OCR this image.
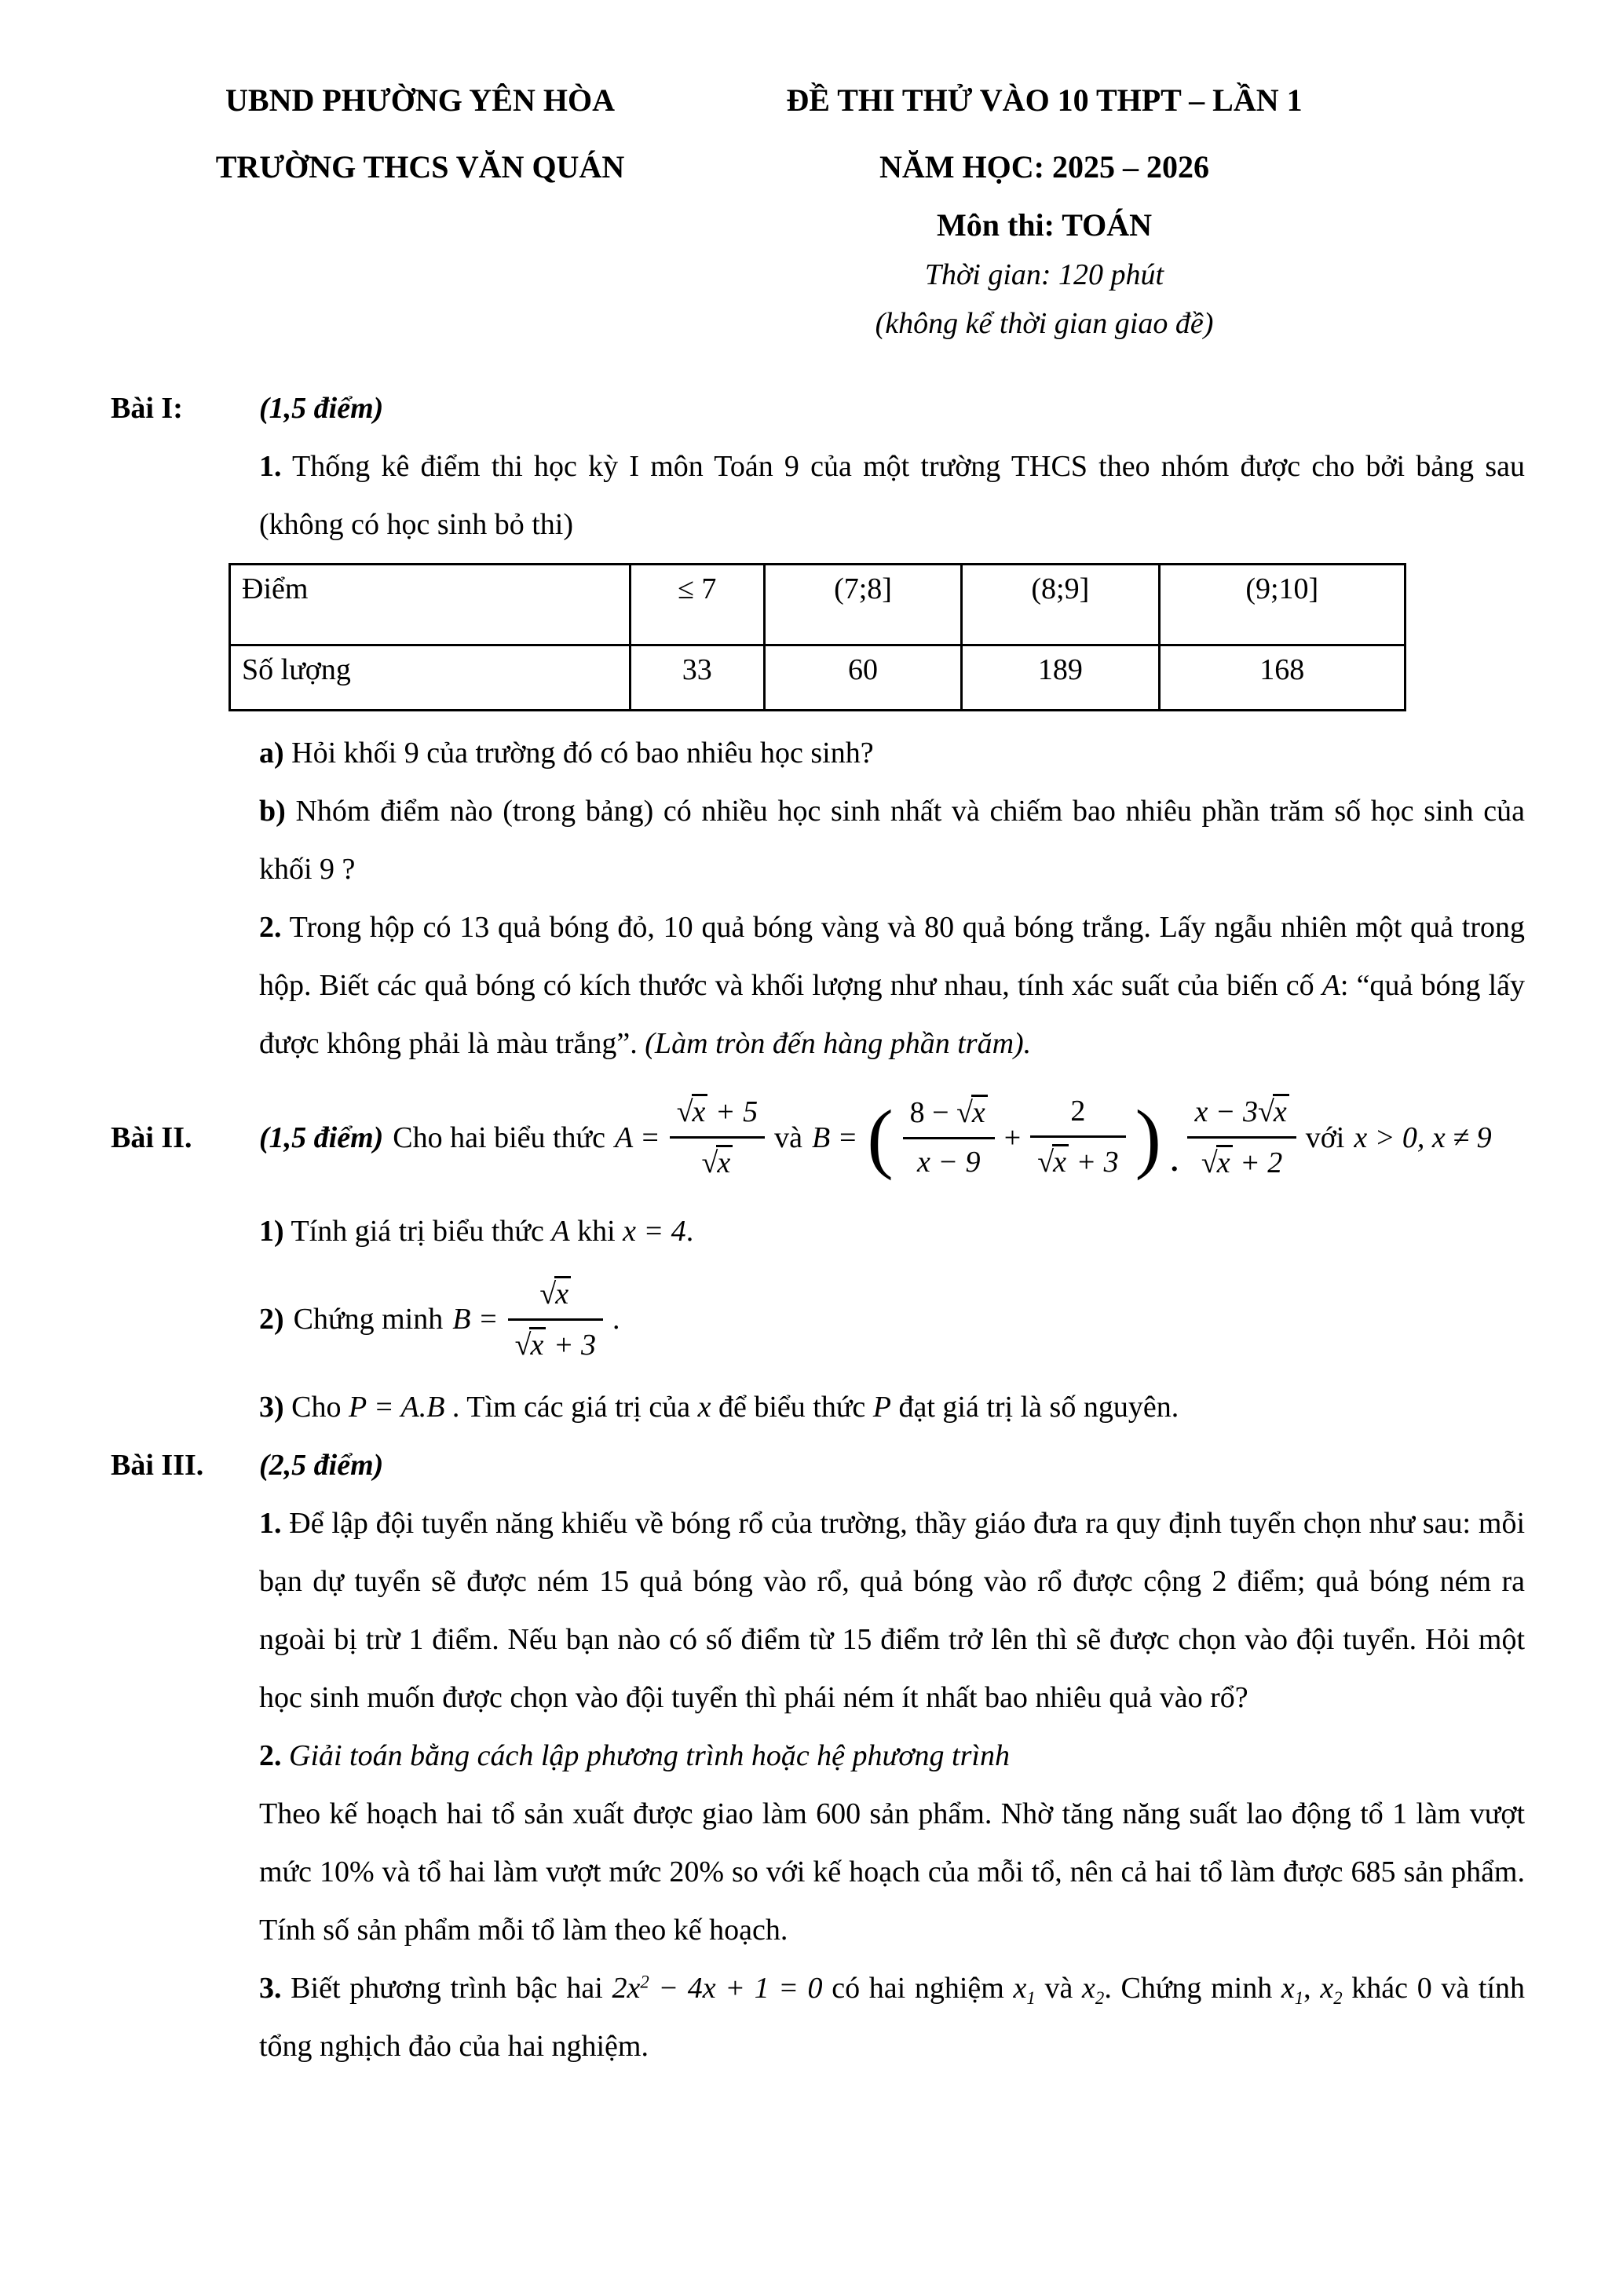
UBND PHƯỜNG YÊN HÒA
TRƯỜNG THCS VĂN QUÁN
ĐỀ THI THỬ VÀO 10 THPT – LẦN 1
NĂM HỌC: 2025 – 2026
Môn thi: TOÁN
Thời gian: 120 phút
(không kể thời gian giao đề)
Bài I:	(1,5 điểm)

1. Thống kê điểm thi học kỳ I môn Toán 9 của một trường THCS theo nhóm được cho bởi bảng sau (không có học sinh bỏ thi)

Điểm	≤ 7	(7;8]	(8;9]	(9;10]
Số lượng	33	60	189	168

a) Hỏi khối 9 của trường đó có bao nhiêu học sinh?

b) Nhóm điểm nào (trong bảng) có nhiều học sinh nhất và chiếm bao nhiêu phần trăm số học sinh của khối 9 ?

2. Trong hộp có 13 quả bóng đỏ, 10 quả bóng vàng và 80 quả bóng trắng. Lấy ngẫu nhiên một quả trong hộp. Biết các quả bóng có kích thước và khối lượng như nhau, tính xác suất của biến cố A: “quả bóng lấy được không phải là màu trắng”. (Làm tròn đến hàng phần trăm).

Bài II. (1,5 điểm) Cho hai biểu thức $A = \frac{√x + 5}{√x}$ và B = ( $\frac{8 - √x}{x - 9} + \frac{2}{√x + 3}$ ) . $\frac{x - 3√x}{√x + 2}$ với x > 0, x ≠ 9

1) Tính giá trị biểu thức A khi x = 4.

2) Chứng minh $B = \frac{√x}{√x + 3}$ .

3) Cho P = A.B . Tìm các giá trị của x để biểu thức P đạt giá trị là số nguyên.

Bài III. (2,5 điểm)

1. Để lập đội tuyển năng khiếu về bóng rổ của trường, thầy giáo đưa ra quy định tuyển chọn như sau: mỗi bạn dự tuyển sẽ được ném 15 quả bóng vào rổ, quả bóng vào rổ được cộng 2 điểm; quả bóng ném ra ngoài bị trừ 1 điểm. Nếu bạn nào có số điểm từ 15 điểm trở lên thì sẽ được chọn vào đội tuyển. Hỏi một học sinh muốn được chọn vào đội tuyển thì phái ném ít nhất bao nhiêu quả vào rổ?

2. Giải toán bằng cách lập phương trình hoặc hệ phương trình

Theo kế hoạch hai tổ sản xuất được giao làm 600 sản phẩm. Nhờ tăng năng suất lao động tổ 1 làm vượt mức 10% và tổ hai làm vượt mức 20% so với kế hoạch của mỗi tổ, nên cả hai tổ làm được 685 sản phẩm. Tính số sản phẩm mỗi tổ làm theo kế hoạch.

3. Biết phương trình bậc hai $2x^2 - 4x + 1 = 0$ có hai nghiệm $x_1$ và $x_2$. Chứng minh $x_1$, $x_2$ khác 0 và tính tổng nghịch đảo của hai nghiệm.
